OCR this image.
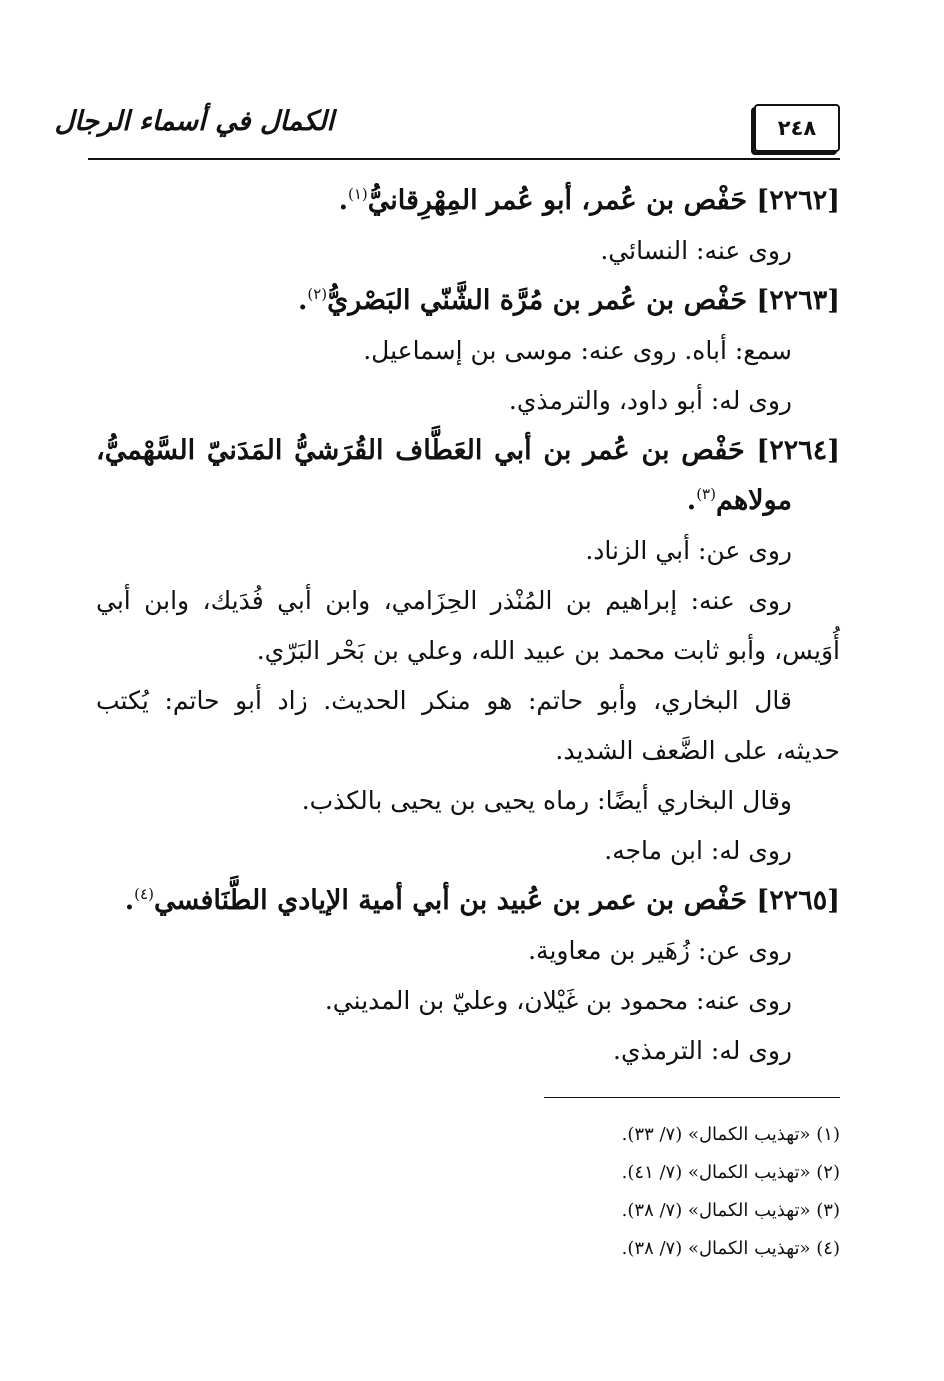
٢٤٨
الكمال في أسماء الرجال
[٢٢٦٢] حَفْص بن عُمر، أبو عُمر المِهْرِقانيُّ$^{(١)}$.
روى عنه: النسائي.
[٢٢٦٣] حَفْص بن عُمر بن مُرَّة الشَّنّي البَصْريُّ$^{(٢)}$.
سمع: أباه. روى عنه: موسى بن إسماعيل.
روى له: أبو داود، والترمذي.
[٢٢٦٤] حَفْص بن عُمر بن أبي العَطَّاف القُرَشيُّ المَدَنيّ السَّهْميُّ،
مولاهم$^{(٣)}$.
روى عن: أبي الزناد.
روى عنه: إبراهيم بن المُنْذر الحِزَامي، وابن أبي فُدَيك، وابن أبي
أُوَيس، وأبو ثابت محمد بن عبيد الله، وعلي بن بَحْر البَرّي.
قال البخاري، وأبو حاتم: هو منكر الحديث. زاد أبو حاتم: يُكتب
حديثه، على الضَّعف الشديد.
وقال البخاري أيضًا: رماه يحيى بن يحيى بالكذب.
روى له: ابن ماجه.
[٢٢٦٥] حَفْص بن عمر بن عُبيد بن أبي أمية الإيادي الطَّنَافسي$^{(٤)}$.
روى عن: زُهَير بن معاوية.
روى عنه: محمود بن غَيْلان، وعليّ بن المديني.
روى له: الترمذي.
(١) «تهذيب الكمال» (٧/ ٣٣).
(٢) «تهذيب الكمال» (٧/ ٤١).
(٣) «تهذيب الكمال» (٧/ ٣٨).
(٤) «تهذيب الكمال» (٧/ ٣٨).
